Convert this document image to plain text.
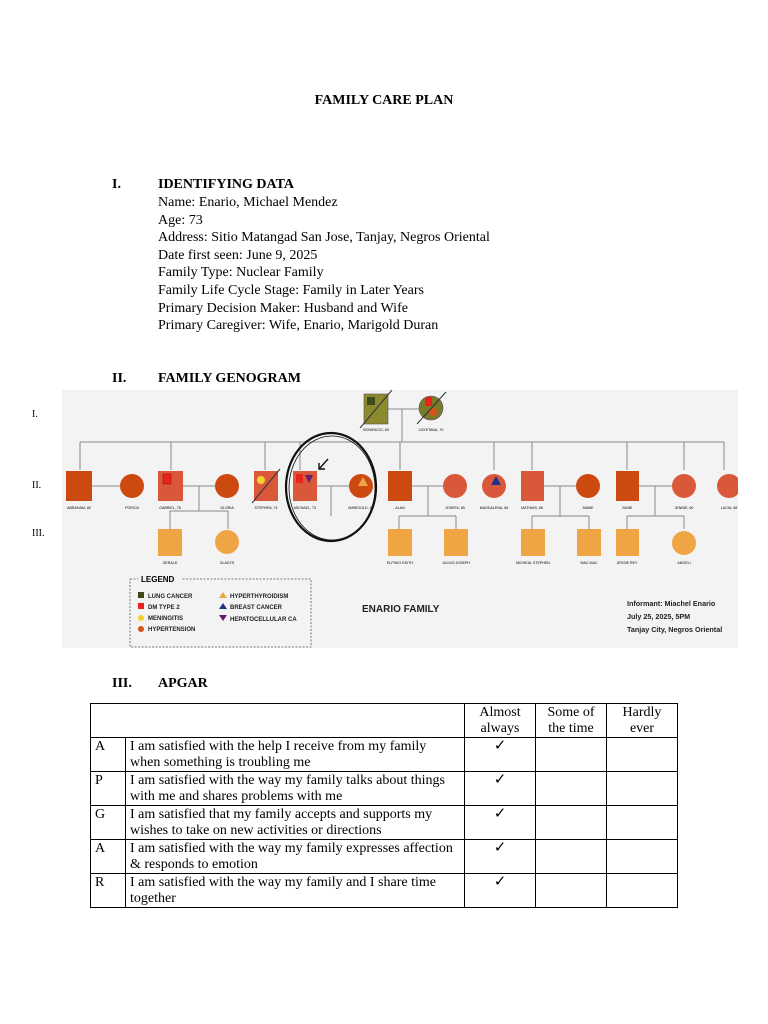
FAMILY CARE PLAN
I.	IDENTIFYING DATA
Name: Enario, Michael Mendez
Age: 73
Address: Sitio Matangad San Jose, Tanjay, Negros Oriental
Date first seen: June 9, 2025
Family Type: Nuclear Family
Family Life Cycle Stage: Family in Later Years
Primary Decision Maker: Husband and Wife
Primary Caregiver: Wife, Enario, Marigold Duran
II. FAMILY GENOGRAM
I.
II.
III.
BONIFACIO, 83	CAYETANA, 70
ABRAHAM, 80	PORCIA	GABRIEL, 76	GLORIA	STEPHEN, 74	MICHAEL, 73	MARIGOLD, 67	ALAN	JOSEFA, 65	MAGDALENA, 65	MATHIAS, 66	ANNIE	JUNIE	JENNIE, 60	LUCIA, 58
GERALD	GLADYS	ELPIDIO EDITH	JULIUS JOSEPH	MICHEAL STEPHEN	MAC MAC	JESSIE REY	ANGELI
LEGEND
LUNG CANCER
DM TYPE 2
MENINGITIS
HYPERTENSION
HYPERTHYROIDISM
BREAST CANCER
HEPATOCELLULAR CA
ENARIO FAMILY
Informant: Miachel Enario
July 25, 2025, 5PM
Tanjay City, Negros Oriental
III. APGAR
		Almost always	Some of the time	Hardly ever
A	I am satisfied with the help I receive from my family when something is troubling me	✓		
P	I am satisfied with the way my family talks about things with me and shares problems with me	✓		
G	I am satisfied that my family accepts and supports my wishes to take on new activities or directions	✓		
A	I am satisfied with the way my family expresses affection & responds to emotion	✓		
R	I am satisfied with the way my family and I share time together	✓		
